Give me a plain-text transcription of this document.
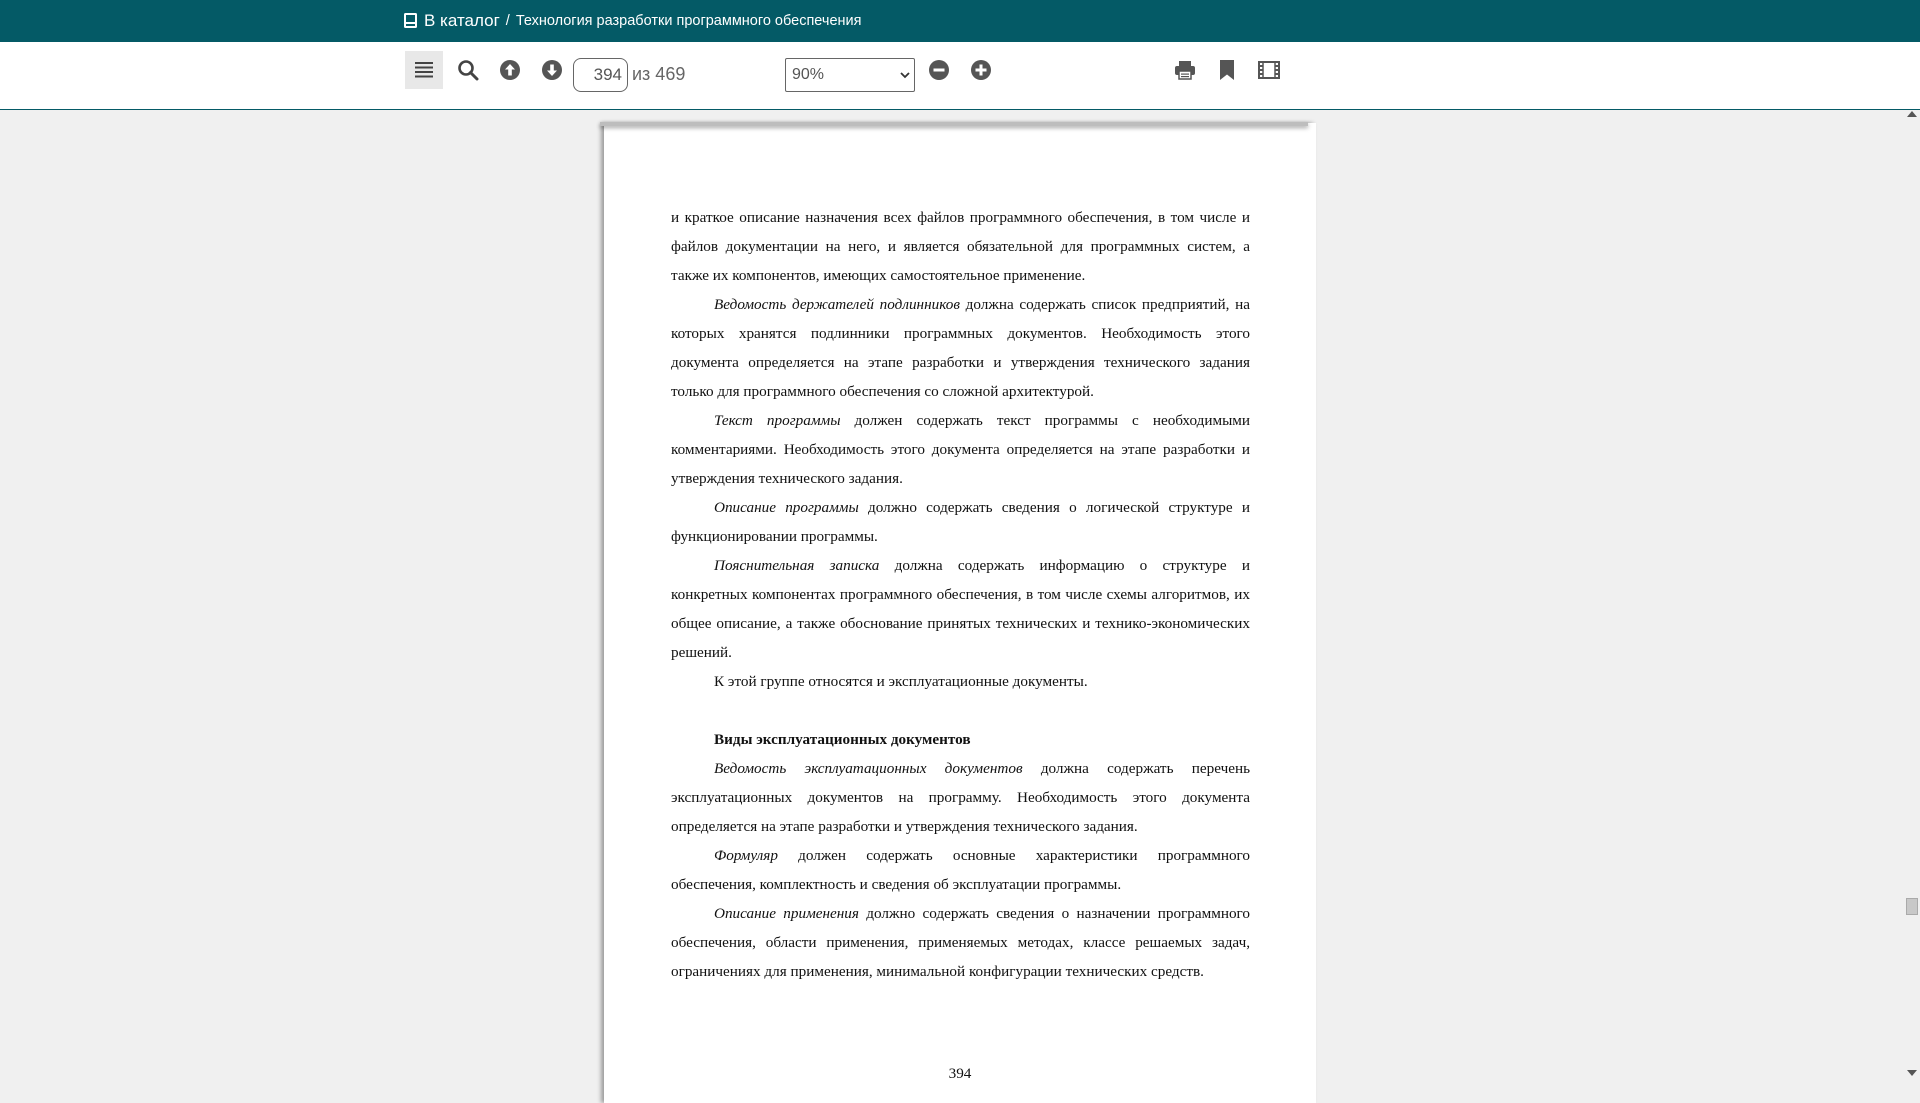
В каталог / Технология разработки программного обеспечения
394
из 469	90%

и краткое описание назначения всех файлов программного обеспечения, в том числе и файлов документации на него, и является обязательной для программных систем, а также их компонентов, имеющих самостоятельное применение.

Ведомость держателей подлинников должна содержать список предприятий, на которых хранятся подлинники программных документов. Необходимость этого документа определяется на этапе разработки и утверждения технического задания только для программного обеспечения со сложной архитектурой.

Текст программы должен содержать текст программы с необходимыми комментариями. Необходимость этого документа определяется на этапе разработки и утверждения технического задания.

Описание программы должно содержать сведения о логической структуре и функционировании программы.

Пояснительная записка должна содержать информацию о структуре и конкретных компонентах программного обеспечения, в том числе схемы алгоритмов, их общее описание, а также обоснование принятых технических и технико-экономических решений.

К этой группе относятся и эксплуатационные документы.

Виды эксплуатационных документов

Ведомость эксплуатационных документов должна содержать перечень эксплуатационных документов на программу. Необходимость этого документа определяется на этапе разработки и утверждения технического задания.

Формуляр должен содержать основные характеристики программного обеспечения, комплектность и сведения об эксплуатации программы.

Описание применения должно содержать сведения о назначении программного обеспечения, области применения, применяемых методах, классе решаемых задач, ограничениях для применения, минимальной конфигурации технических средств.

394
